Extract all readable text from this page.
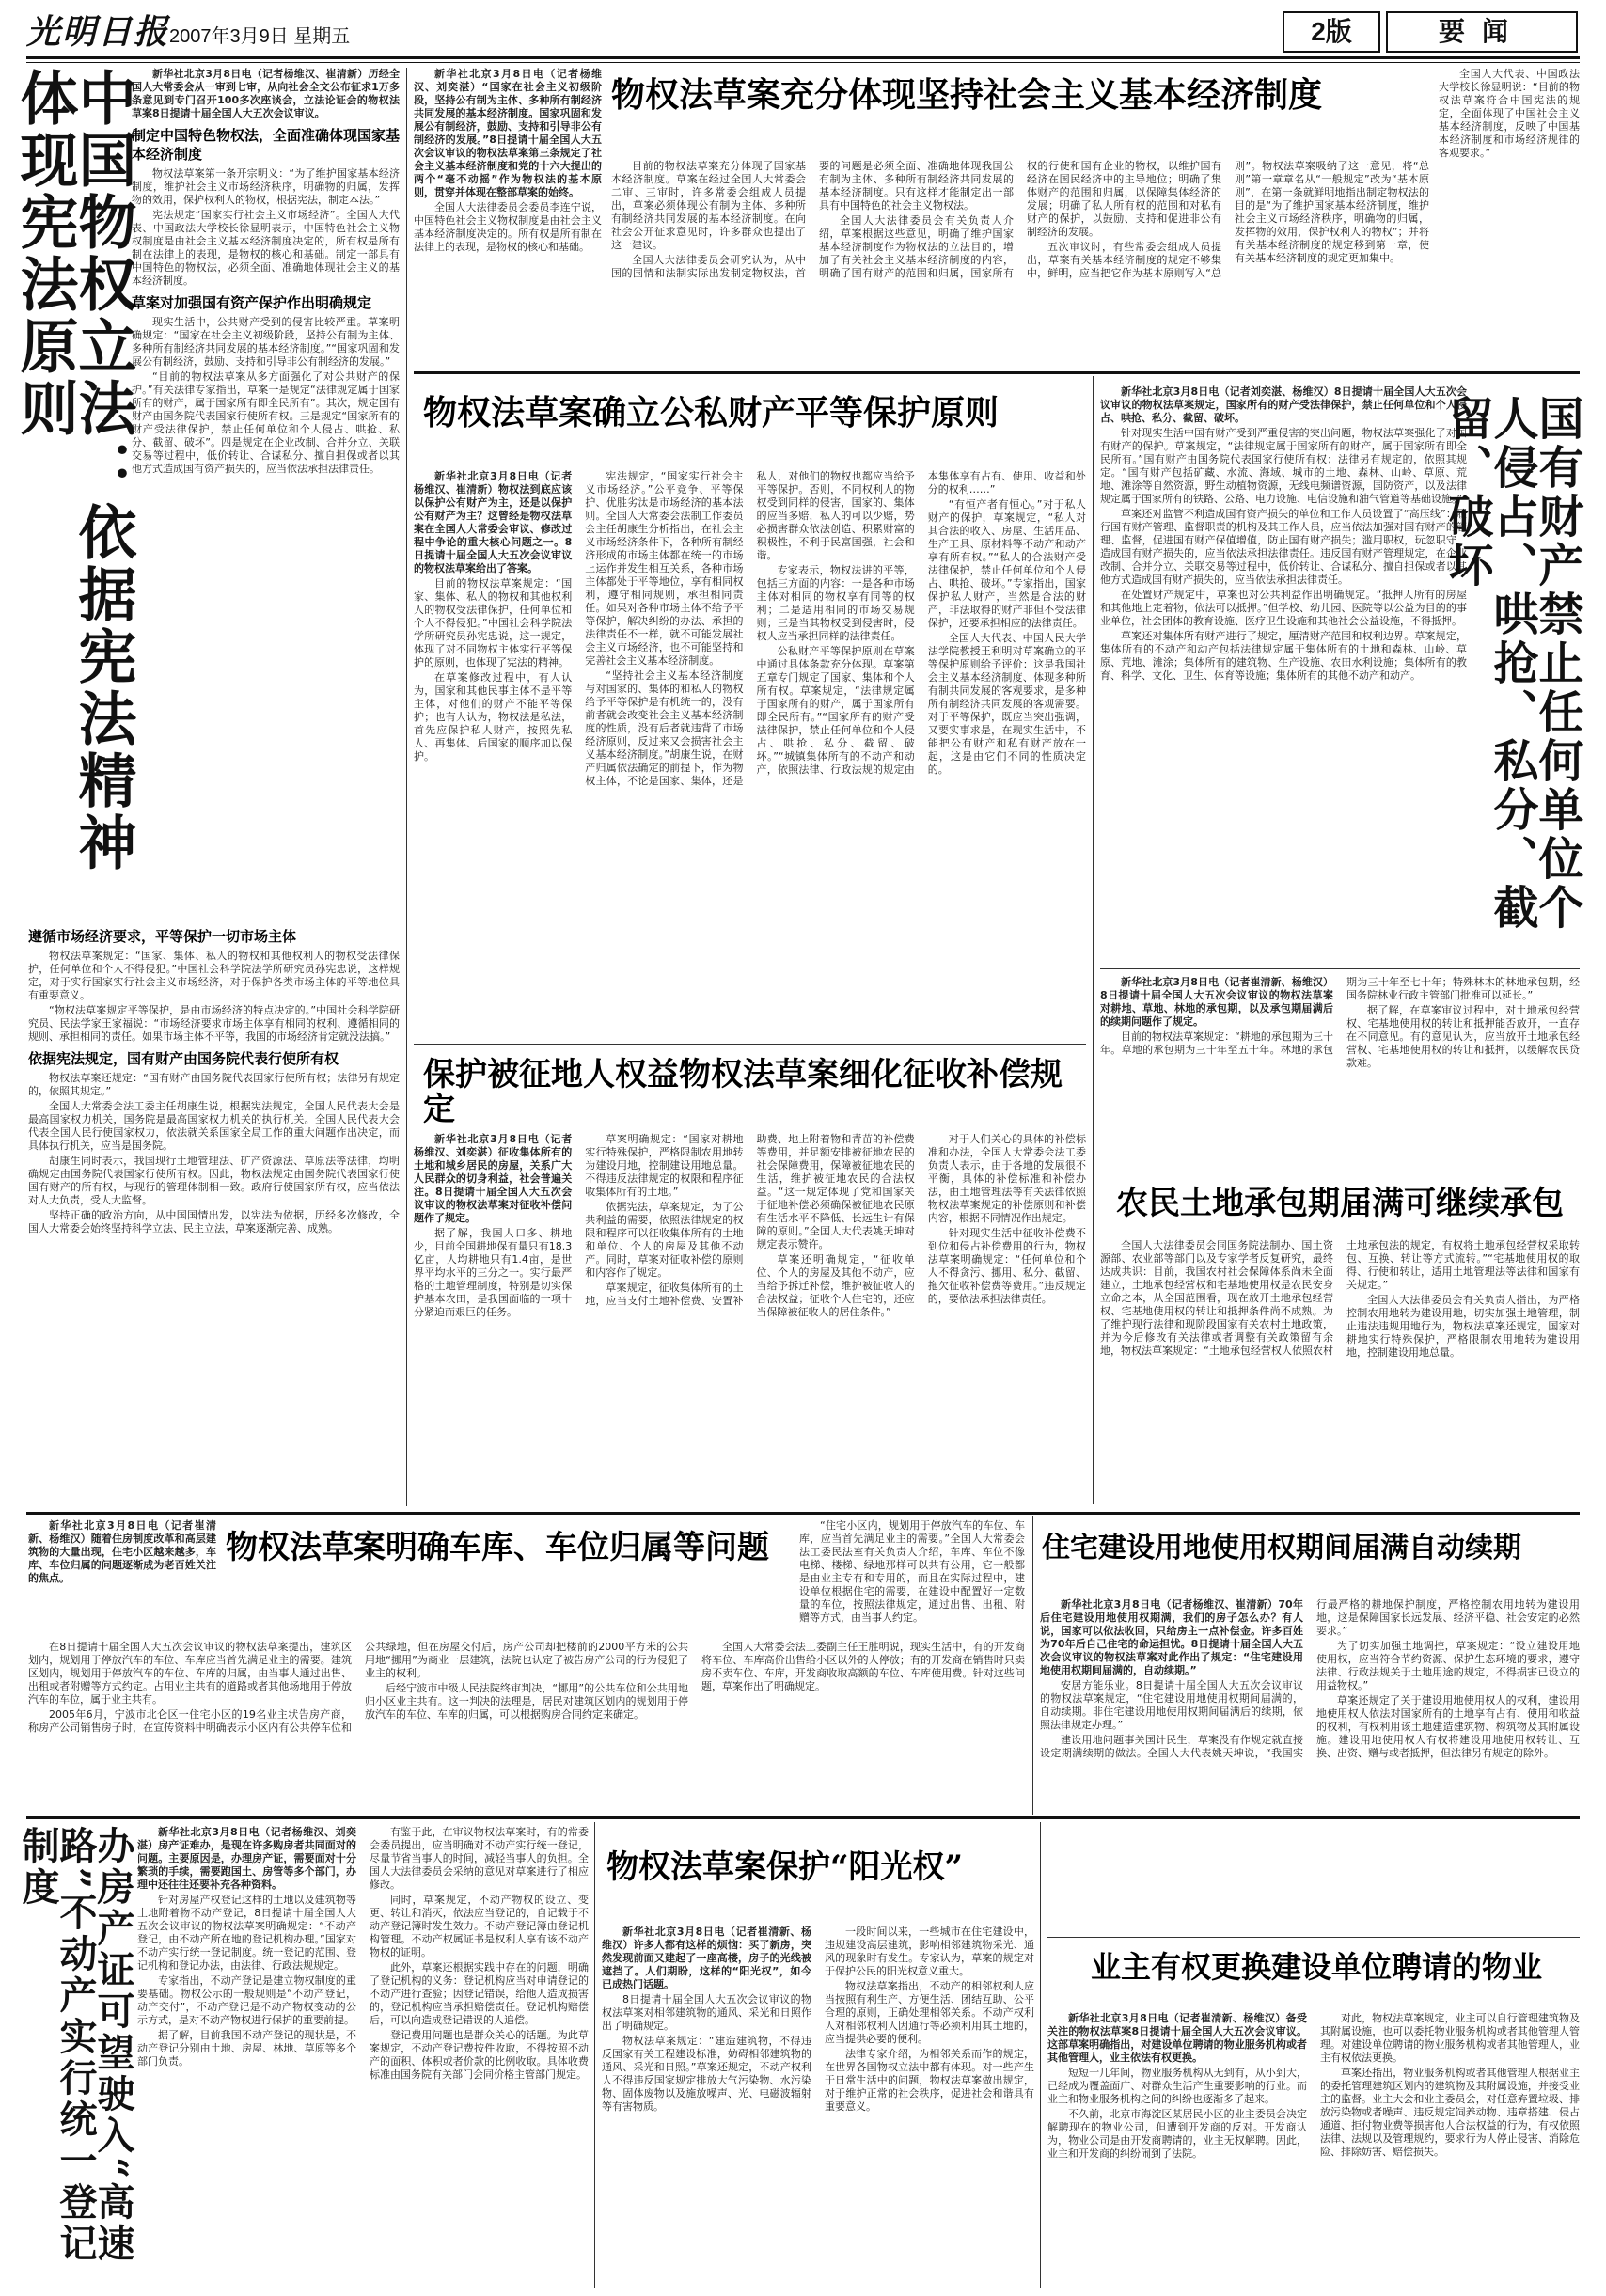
光明日报 2007年3月9日 星期五	2版	要闻
中国物权立法：依据宪法精神体现宪法原则	新华社北京3月8日电（记者杨维汉、崔清新）历经全国人大常委会从一审到七审，从向社会全文公布征求1万多条意见到专门召开100多次座谈会，立法论证会的物权法草案8日提请十届全国人大五次会议审议。

制定中国特色物权法，全面准确体现国家基本经济制度

物权法草案第一条开宗明义：“为了维护国家基本经济制度，维护社会主义市场经济秩序，明确物的归属，发挥物的效用，保护权利人的物权，根据宪法，制定本法。”

宪法规定“国家实行社会主义市场经济”。全国人大代表、中国政法大学校长徐显明表示，中国特色社会主义物权制度是由社会主义基本经济制度决定的，所有权是所有制在法律上的表现，是物权的核心和基础。制定一部具有中国特色的物权法，必须全面、准确地体现社会主义的基本经济制度。

草案对加强国有资产保护作出明确规定

现实生活中，公共财产受到的侵害比较严重。草案明确规定：“国家在社会主义初级阶段，坚持公有制为主体、多种所有制经济共同发展的基本经济制度。”“国家巩固和发展公有制经济，鼓励、支持和引导非公有制经济的发展。”

“目前的物权法草案从多方面强化了对公共财产的保护。”有关法律专家指出，草案一是规定“法律规定属于国家所有的财产，属于国家所有即全民所有”。其次，规定国有财产由国务院代表国家行使所有权。三是规定“国家所有的财产受法律保护，禁止任何单位和个人侵占、哄抢、私分、截留、破坏”。四是规定在企业改制、合并分立、关联交易等过程中，低价转让、合谋私分、擅自担保或者以其他方式造成国有资产损失的，应当依法承担法律责任。

遵循市场经济要求，平等保护一切市场主体

物权法草案规定：“国家、集体、私人的物权和其他权利人的物权受法律保护，任何单位和个人不得侵犯。”中国社会科学院法学所研究员孙宪忠说，这样规定，对于实行国家实行社会主义市场经济，对于保护各类市场主体的平等地位具有重要意义。

“物权法草案规定平等保护，是由市场经济的特点决定的。”中国社会科学院研究员、民法学家王家福说：“市场经济要求市场主体享有相同的权利、遵循相同的规则、承担相同的责任。如果市场主体不平等，我国的市场经济肯定就没法搞。”

依据宪法规定，国有财产由国务院代表行使所有权

物权法草案还规定：“国有财产由国务院代表国家行使所有权；法律另有规定的，依照其规定。”

全国人大常委会法工委主任胡康生说，根据宪法规定，全国人民代表大会是最高国家权力机关，国务院是最高国家权力机关的执行机关。全国人民代表大会代表全国人民行使国家权力，依法就关系国家全局工作的重大问题作出决定，而具体执行机关，应当是国务院。

胡康生同时表示，我国现行土地管理法、矿产资源法、草原法等法律，均明确规定由国务院代表国家行使所有权。因此，物权法规定由国务院代表国家行使国有财产的所有权，与现行的管理体制相一致。政府行使国家所有权，应当依法对人大负责，受人大监督。

坚持正确的政治方向，从中国国情出发，以宪法为依据，历经多次修改，全国人大常委会始终坚持科学立法、民主立法，草案逐渐完善、成熟。

新华社北京3月8日电（记者杨维汉、刘奕湛）“国家在社会主义初级阶段，坚持公有制为主体、多种所有制经济共同发展的基本经济制度。国家巩固和发展公有制经济，鼓励、支持和引导非公有制经济的发展。”8日提请十届全国人大五次会议审议的物权法草案第三条规定了社会主义基本经济制度和党的十六大提出的两个“毫不动摇”作为物权法的基本原则，贯穿并体现在整部草案的始终。

全国人大法律委员会委员李连宁说，中国特色社会主义物权制度是由社会主义基本经济制度决定的。所有权是所有制在法律上的表现，是物权的核心和基础。

物权法草案充分体现坚持社会主义基本经济制度

目前的物权法草案充分体现了国家基本经济制度。草案在经过全国人大常委会二审、三审时，许多常委会组成人员提出，草案必须体现公有制为主体、多种所有制经济共同发展的基本经济制度。在向社会公开征求意见时，许多群众也提出了这一建议。

全国人大法律委员会研究认为，从中国的国情和法制实际出发制定物权法，首要的问题是必须全面、准确地体现我国公有制为主体、多种所有制经济共同发展的基本经济制度。只有这样才能制定出一部具有中国特色的社会主义物权法。

全国人大法律委员会有关负责人介绍，草案根据这些意见，明确了维护国家基本经济制度作为物权法的立法目的，增加了有关社会主义基本经济制度的内容，明确了国有财产的范围和归属，国家所有权的行使和国有企业的物权，以维护国有经济在国民经济中的主导地位；明确了集体财产的范围和归属，以保障集体经济的发展；明确了私人所有权的范围和对私有财产的保护，以鼓励、支持和促进非公有制经济的发展。

五次审议时，有些常委会组成人员提出，草案有关基本经济制度的规定不够集中，鲜明，应当把它作为基本原则写入“总则”。物权法草案吸纳了这一意见，将“总则”第一章章名从“一般规定”改为“基本原则”，在第一条就鲜明地指出制定物权法的目的是“为了维护国家基本经济制度，维护社会主义市场经济秩序，明确物的归属，发挥物的效用，保护权利人的物权”；并将有关基本经济制度的规定移到第一章，使有关基本经济制度的规定更加集中。

全国人大代表、中国政法大学校长徐显明说：“目前的物权法草案符合中国宪法的规定，全面体现了中国社会主义基本经济制度，反映了中国基本经济制度和市场经济规律的客观要求。”

物权法草案确立公私财产平等保护原则

新华社北京3月8日电（记者杨维汉、崔清新）物权法到底应该以保护公有财产为主，还是以保护公有财产为主？这曾经是物权法草案在全国人大常委会审议、修改过程中争论的重大核心问题之一。8日提请十届全国人大五次会议审议的物权法草案给出了答案。

目前的物权法草案规定：“国家、集体、私人的物权和其他权利人的物权受法律保护，任何单位和个人不得侵犯。”中国社会科学院法学所研究员孙宪忠说，这一规定，体现了对不同物权主体实行平等保护的原则，也体现了宪法的精神。

在草案修改过程中，有人认为，国家和其他民事主体不是平等主体，对他们的财产不能平等保护；也有人认为，物权法是私法，首先应保护私人财产，按照先私人、再集体、后国家的顺序加以保护。

宪法规定，“国家实行社会主义市场经济。”公平竞争、平等保护、优胜劣汰是市场经济的基本法则。全国人大常委会法制工作委员会主任胡康生分析指出，在社会主义市场经济条件下，各种所有制经济形成的市场主体都在统一的市场上运作并发生相互关系，各种市场主体都处于平等地位，享有相同权利，遵守相同规则，承担相同责任。如果对各种市场主体不给予平等保护，解决纠纷的办法、承担的法律责任不一样，就不可能发展社会主义市场经济，也不可能坚持和完善社会主义基本经济制度。

“坚持社会主义基本经济制度与对国家的、集体的和私人的物权给予平等保护是有机统一的，没有前者就会改变社会主义基本经济制度的性质，没有后者就违背了市场经济原则，反过来又会损害社会主义基本经济制度。”胡康生说，在财产归属依法确定的前提下，作为物权主体，不论是国家、集体，还是私人，对他们的物权也都应当给予平等保护。否则，不同权利人的物权受到同样的侵害，国家的、集体的应当多赔，私人的可以少赔，势必损害群众依法创造、积累财富的积极性，不利于民富国强，社会和谐。

专家表示，物权法讲的平等，包括三方面的内容：一是各种市场主体对相同的物权享有同等的权利；二是适用相同的市场交易规则；三是当其物权受到侵害时，侵权人应当承担同样的法律责任。

公私财产平等保护原则在草案中通过具体条款充分体现。草案第五章专门规定了国家、集体和个人所有权。草案规定，“法律规定属于国家所有的财产，属于国家所有即全民所有。”“国家所有的财产受法律保护，禁止任何单位和个人侵占、哄抢、私分、截留、破坏。”“城镇集体所有的不动产和动产，依照法律、行政法规的规定由本集体享有占有、使用、收益和处分的权利……”

“有恒产者有恒心。”对于私人财产的保护，草案规定，“私人对其合法的收入、房屋、生活用品、生产工具、原材料等不动产和动产享有所有权。”“私人的合法财产受法律保护，禁止任何单位和个人侵占、哄抢、破坏。”专家指出，国家保护私人财产，当然是合法的财产，非法取得的财产非但不受法律保护，还要承担相应的法律责任。

全国人大代表、中国人民大学法学院教授王利明对草案确立的平等保护原则给予评价：这是我国社会主义基本经济制度、体现多种所有制共同发展的客观要求，是多种所有制经济共同发展的客观需要。对于平等保护，既应当突出强调，又要实事求是，在现实生活中，不能把公有财产和私有财产放在一起，这是由它们不同的性质决定的。

新华社北京3月8日电（记者刘奕湛、杨维汉）8日提请十届全国人大五次会议审议的物权法草案规定，国家所有的财产受法律保护，禁止任何单位和个人侵占、哄抢、私分、截留、破坏。

针对现实生活中国有财产受到严重侵害的突出问题，物权法草案强化了对国有财产的保护。草案规定，“法律规定属于国家所有的财产，属于国家所有即全民所有。”国有财产由国务院代表国家行使所有权；法律另有规定的，依照其规定。“国有财产包括矿藏、水流、海域、城市的土地、森林、山岭、草原、荒地、滩涂等自然资源，野生动植物资源，无线电频谱资源，国防资产，以及法律规定属于国家所有的铁路、公路、电力设施、电信设施和油气管道等基础设施。”

草案还对监管不利造成国有资产损失的单位和工作人员设置了“高压线”：履行国有财产管理、监督职责的机构及其工作人员，应当依法加强对国有财产的管理、监督，促进国有财产保值增值，防止国有财产损失；滥用职权，玩忽职守，造成国有财产损失的，应当依法承担法律责任。违反国有财产管理规定，在企业改制、合并分立、关联交易等过程中，低价转让、合谋私分、擅自担保或者以其他方式造成国有财产损失的，应当依法承担法律责任。

在处置财产规定中，草案也对公共利益作出明确规定。“抵押人所有的房屋和其他地上定着物，依法可以抵押。”但学校、幼儿园、医院等以公益为目的的事业单位，社会团体的教育设施、医疗卫生设施和其他社会公益设施，不得抵押。

草案还对集体所有财产进行了规定，厘清财产范围和权利边界。草案规定，集体所有的不动产和动产包括法律规定属于集体所有的土地和森林、山岭、草原、荒地、滩涂；集体所有的建筑物、生产设施、农田水利设施；集体所有的教育、科学、文化、卫生、体育等设施；集体所有的其他不动产和动产。	国有财产禁止任何单位个人侵占、哄抢、私分、截留、破坏
保护被征地人权益物权法草案细化征收补偿规定

新华社北京3月8日电（记者杨维汉、刘奕湛）征收集体所有的土地和城乡居民的房屋，关系广大人民群众的切身利益，社会普遍关注。8日提请十届全国人大五次会议审议的物权法草案对征收补偿问题作了规定。

据了解，我国人口多、耕地少，目前全国耕地保有量只有18.3亿亩，人均耕地只有1.4亩，是世界平均水平的三分之一。实行最严格的土地管理制度，特别是切实保护基本农田，是我国面临的一项十分紧迫而艰巨的任务。

草案明确规定：“国家对耕地实行特殊保护，严格限制农用地转为建设用地，控制建设用地总量。不得违反法律规定的权限和程序征收集体所有的土地。”

依据宪法，草案规定，为了公共利益的需要，依照法律规定的权限和程序可以征收集体所有的土地和单位、个人的房屋及其他不动产。同时，草案对征收补偿的原则和内容作了规定。

草案规定，征收集体所有的土地，应当支付土地补偿费、安置补助费、地上附着物和青苗的补偿费等费用，并足额安排被征地农民的社会保障费用，保障被征地农民的生活，维护被征地农民的合法权益。“这一规定体现了党和国家关于征地补偿必须确保被征地农民原有生活水平不降低、长远生计有保障的原则。”全国人大代表姚天坤对规定表示赞许。

草案还明确规定，“征收单位、个人的房屋及其他不动产，应当给予拆迁补偿，维护被征收人的合法权益；征收个人住宅的，还应当保障被征收人的居住条件。”

对于人们关心的具体的补偿标准和办法，全国人大常委会法工委负责人表示，由于各地的发展很不平衡，具体的补偿标准和补偿办法，由土地管理法等有关法律依照物权法草案规定的补偿原则和补偿内容，根据不同情况作出规定。

针对现实生活中征收补偿费不到位和侵占补偿费用的行为，物权法草案明确规定：“任何单位和个人不得贪污、挪用、私分、截留、拖欠征收补偿费等费用。”违反规定的，要依法承担法律责任。

新华社北京3月8日电（记者崔清新、杨维汉）8日提请十届全国人大五次会议审议的物权法草案对耕地、草地、林地的承包期，以及承包期届满后的续期问题作了规定。

目前的物权法草案规定：“耕地的承包期为三十年。草地的承包期为三十年至五十年。林地的承包期为三十年至七十年；特殊林木的林地承包期，经国务院林业行政主管部门批准可以延长。”

据了解，在草案审议过程中，对土地承包经营权、宅基地使用权的转让和抵押能否放开，一直存在不同意见。有的意见认为，应当放开土地承包经营权、宅基地使用权的转让和抵押，以缓解农民贷款难。

农民土地承包期届满可继续承包

全国人大法律委员会同国务院法制办、国土资源部、农业部等部门以及专家学者反复研究，最终达成共识：目前，我国农村社会保障体系尚未全面建立，土地承包经营权和宅基地使用权是农民安身立命之本，从全国范围看，现在放开土地承包经营权、宅基地使用权的转让和抵押条件尚不成熟。为了维护现行法律和现阶段国家有关农村土地政策，并为今后修改有关法律或者调整有关政策留有余地，物权法草案规定：“土地承包经营权人依照农村土地承包法的规定，有权将土地承包经营权采取转包、互换、转让等方式流转。”“宅基地使用权的取得、行使和转让，适用土地管理法等法律和国家有关规定。”

全国人大法律委员会有关负责人指出，为严格控制农用地转为建设用地，切实加强土地管理，制止违法违规用地行为，物权法草案还规定，国家对耕地实行特殊保护，严格限制农用地转为建设用地，控制建设用地总量。

新华社北京3月8日电（记者崔清新、杨维汉）随着住房制度改革和高层建筑物的大量出现，住宅小区越来越多，车库、车位归属的问题逐渐成为老百姓关注的焦点。

物权法草案明确车库、车位归属等问题

在8日提请十届全国人大五次会议审议的物权法草案提出，建筑区划内，规划用于停放汽车的车位、车库应当首先满足业主的需要。建筑区划内，规划用于停放汽车的车位、车库的归属，由当事人通过出售、出租或者附赠等方式约定。占用业主共有的道路或者其他场地用于停放汽车的车位，属于业主共有。

2005年6月，宁波市北仑区一住宅小区的19名业主状告房产商，称房产公司销售房子时，在宣传资料中明确表示小区内有公共停车位和公共绿地，但在房屋交付后，房产公司却把楼前的2000平方米的公共用地“挪用”为商业一层建筑，法院也认定了被告房产公司的行为侵犯了业主的权利。

后经宁波市中级人民法院终审判决，“挪用”的公共车位和公共用地归小区业主共有。这一判决的法理是，居民对建筑区划内的规划用于停放汽车的车位、车库的归属，可以根据购房合同约定来确定。

全国人大常委会法工委副主任王胜明说，现实生活中，有的开发商将车位、车库高价出售给小区以外的人停放；有的开发商在销售时只卖房不卖车位、车库，开发商收取高额的车位、车库使用费。针对这些问题，草案作出了明确规定。

“住宅小区内，规划用于停放汽车的车位、车库，应当首先满足业主的需要。”全国人大常委会法工委民法室有关负责人介绍，车库、车位不像电梯、楼梯、绿地那样可以共有公用，它一般都是由业主专有和专用的，而且在实际过程中，建设单位根据住宅的需要，在建设中配置好一定数量的车位，按照法律规定，通过出售、出租、附赠等方式，由当事人约定。

住宅建设用地使用权期间届满自动续期

新华社北京3月8日电（记者杨维汉、崔清新）70年后住宅建设用地使用权期满，我们的房子怎么办？有人说，国家可以依法收回，只给房主一点补偿金。许多百姓为70年后自己住宅的命运担忧。8日提请十届全国人大五次会议审议的物权法草案对此作出了规定：“住宅建设用地使用权期间届满的，自动续期。”

安居方能乐业。8日提请十届全国人大五次会议审议的物权法草案规定，“住宅建设用地使用权期间届满的，自动续期。非住宅建设用地使用权期间届满后的续期，依照法律规定办理。”

建设用地问题事关国计民生，草案没有作规定就直接设定期满续期的做法。全国人大代表姚天坤说，“我国实行最严格的耕地保护制度，严格控制农用地转为建设用地，这是保障国家长远发展、经济平稳、社会安定的必然要求。”

为了切实加强土地调控，草案规定：“设立建设用地使用权，应当符合节约资源、保护生态环境的要求，遵守法律、行政法规关于土地用途的规定，不得损害已设立的用益物权。”

草案还规定了关于建设用地使用权人的权利，建设用地使用权人依法对国家所有的土地享有占有、使用和收益的权利，有权利用该土地建造建筑物、构筑物及其附属设施。建设用地使用权人有权将建设用地使用权转让、互换、出资、赠与或者抵押，但法律另有规定的除外。

办房产证可望驶入“高速路”不动产实行统一登记制度	新华社北京3月8日电（记者杨维汉、刘奕湛）房产证难办，是现在许多购房者共同面对的问题。主要原因是，办理房产证，需要面对十分繁琐的手续，需要跑国土、房管等多个部门，办理中还往往还要补充各种资料。

针对房屋产权登记这样的土地以及建筑物等土地附着物不动产登记，8日提请十届全国人大五次会议审议的物权法草案明确规定：“不动产登记，由不动产所在地的登记机构办理。”国家对不动产实行统一登记制度。统一登记的范围、登记机构和登记办法，由法律、行政法规规定。

专家指出，不动产登记是建立物权制度的重要基础。物权公示的一般规则是“不动产登记，动产交付”，不动产登记是不动产物权变动的公示方式，是对不动产物权进行保护的重要前提。

据了解，目前我国不动产登记的现状是，不动产登记分别由土地、房屋、林地、草原等多个部门负责。

有鉴于此，在审议物权法草案时，有的常委会委员提出，应当明确对不动产实行统一登记，尽量节省当事人的时间，减轻当事人的负担。全国人大法律委员会采纳的意见对草案进行了相应修改。

同时，草案规定，不动产物权的设立、变更、转让和消灭，依法应当登记的，自记载于不动产登记簿时发生效力。不动产登记簿由登记机构管理。不动产权属证书是权利人享有该不动产物权的证明。

此外，草案还根据实践中存在的问题，明确了登记机构的义务：登记机构应当对申请登记的不动产进行查验；因登记错误，给他人造成损害的，登记机构应当承担赔偿责任。登记机构赔偿后，可以向造成登记错误的人追偿。

登记费用问题也是群众关心的话题。为此草案规定，不动产登记费按件收取，不得按照不动产的面积、体积或者价款的比例收取。具体收费标准由国务院有关部门会同价格主管部门规定。

物权法草案保护“阳光权”

新华社北京3月8日电（记者崔清新、杨维汉）许多人都有这样的烦恼：买了新房，突然发现前面又建起了一座高楼，房子的光线被遮挡了。人们期盼，这样的“阳光权”，如今已成热门话题。

8日提请十届全国人大五次会议审议的物权法草案对相邻建筑物的通风、采光和日照作出了明确规定。

物权法草案规定：“建造建筑物，不得违反国家有关工程建设标准，妨碍相邻建筑物的通风、采光和日照。”草案还规定，不动产权利人不得违反国家规定排放大气污染物、水污染物、固体废物以及施放噪声、光、电磁波辐射等有害物质。

一段时间以来，一些城市在住宅建设中，违规建设高层建筑，影响相邻建筑物采光、通风的现象时有发生。专家认为，草案的规定对于保护公民的阳光权意义重大。

物权法草案指出，不动产的相邻权利人应当按照有利生产、方便生活、团结互助、公平合理的原则，正确处理相邻关系。不动产权利人对相邻权利人因通行等必须利用其土地的，应当提供必要的便利。

法律专家介绍，为相邻关系而作的规定，在世界各国物权立法中都有体现。对一些产生于日常生活中的问题，物权法草案做出规定，对于维护正常的社会秩序，促进社会和谐具有重要意义。

业主有权更换建设单位聘请的物业

新华社北京3月8日电（记者崔清新、杨维汉）备受关注的物权法草案8日提请十届全国人大五次会议审议。这部草案明确指出，对建设单位聘请的物业服务机构或者其他管理人，业主依法有权更换。

短短十几年间，物业服务机构从无到有，从小到大，已经成为覆盖面广、对群众生活产生重要影响的行业。而业主和物业服务机构之间的纠纷也逐渐多了起来。

不久前，北京市海淀区某居民小区的业主委员会决定解聘现在的物业公司，但遭到开发商的反对。开发商认为，物业公司是由开发商聘请的，业主无权解聘。因此，业主和开发商的纠纷闹到了法院。

对此，物权法草案规定，业主可以自行管理建筑物及其附属设施，也可以委托物业服务机构或者其他管理人管理。对建设单位聘请的物业服务机构或者其他管理人，业主有权依法更换。

草案还指出，物业服务机构或者其他管理人根据业主的委托管理建筑区划内的建筑物及其附属设施，并接受业主的监督。业主大会和业主委员会，对任意弃置垃圾、排放污染物或者噪声、违反规定饲养动物、违章搭建、侵占通道、拒付物业费等损害他人合法权益的行为，有权依照法律、法规以及管理规约，要求行为人停止侵害、消除危险、排除妨害、赔偿损失。
